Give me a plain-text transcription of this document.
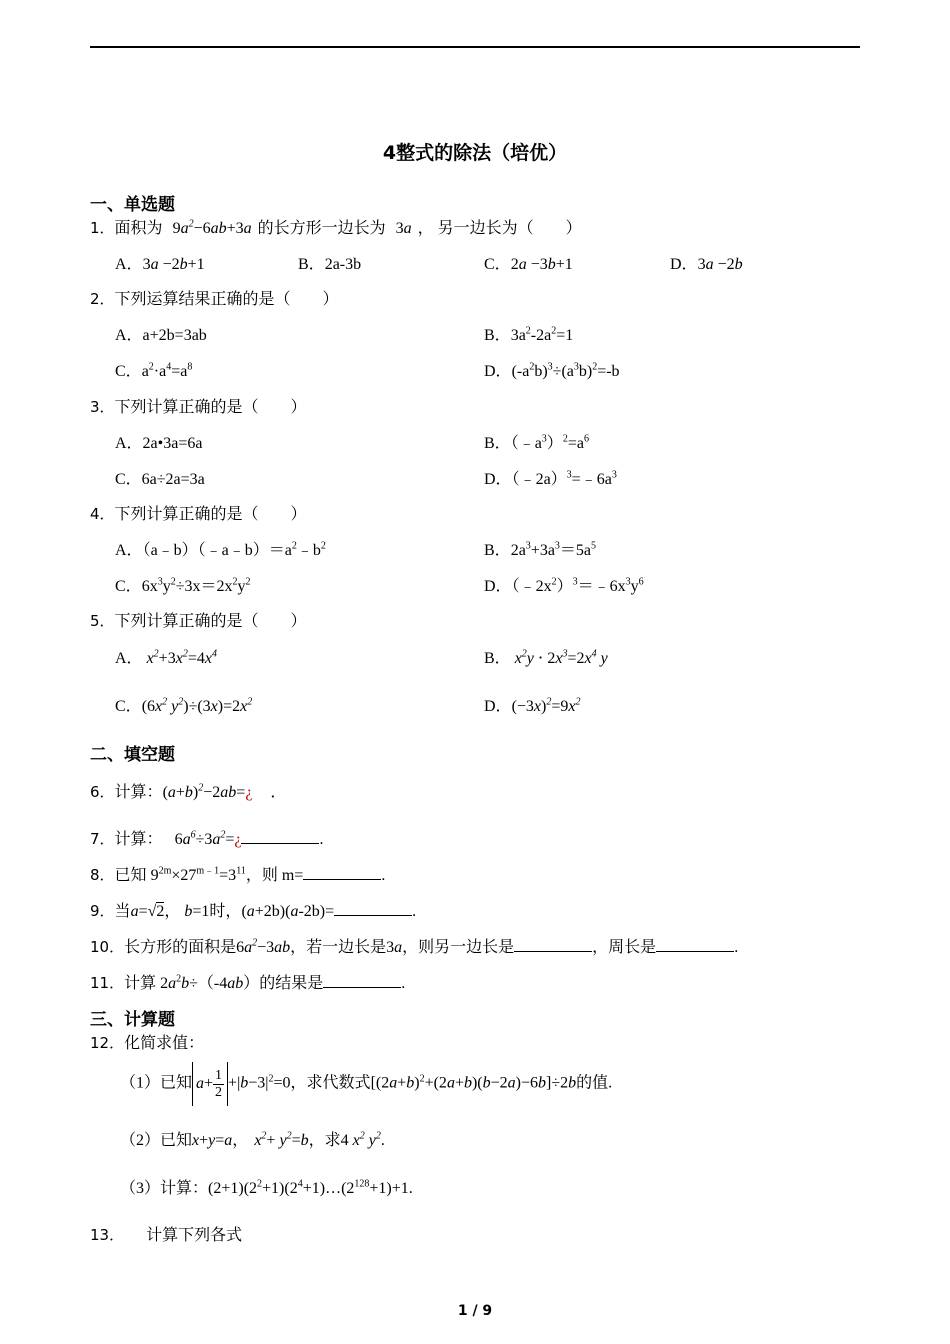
4整式的除法（培优）
一、单选题
1．面积为 $9a^2-6ab+3a$ 的长方形一边长为 3a ， 另一边长为（　　）
A．3a −2b+1	B．2a-3b	C．2a −3b+1	D．3a −2b
2．下列运算结果正确的是（　　）
A．a+2b=3ab	B．$3a^2-2a^2=1$
C．$a^2\cdot a^4=a^8$	D．$(-a^2b)^3\div(a^3b)^2=-b$
3．下列计算正确的是（　　）
A．2a•3a=6a	B．$(﹣a^3)^2=a^6$
C．6a÷2a=3a	D．$(﹣2a)^3=﹣6a^3$
4．下列计算正确的是（　　）
A．$(a﹣b)(﹣a﹣b)=a^2﹣b^2$	B．$2a^3+3a^3=5a^5$
C．$6x^3y^2\div 3x=2x^2y^2$	D．$(﹣2x^2)^3=﹣6x^3y^6$
5．下列计算正确的是（　　）
A． $x^2+3x^2=4x^4$	B． $x^2y \cdot 2x^3=2x^4$ y
C．($6x^2$ $y^2)\div(3x)=2x^2$	D．$(-3x)^2=9x^2$
二、填空题
6．计算：$(a+b)^2-2ab=¿$ ．
7．计算： $6a^6\div 3a^2=¿$	.
8．已知 $9^{2m}\times 27^{m﹣1}=3^{11}$，则 m=	.
9．当a=√2， b=1时，(a+2b)(a-2b)=	.
10．长方形的面积是$6a^2-3ab$，若一边长是3a，则另一边长是	，周长是	.
11．计算 $2a^2b\div(-4ab)$的结果是	.
三、计算题
12．化简求值：
（1）已知 $a+ \frac{1}{2} +|b-3|^2=0$，求代数式$[(2a+b)^2+(2a+b)(b-2a)-6b]\div 2b$的值.
（2）已知x+y=a， $x^2+ y^2=b$，求4 $x^2$ $y^2$.
（3）计算：$(2+1)(2^2+1)(2^4+1)\dots(2^{128}+1)+1$.
13． 计算下列各式
1 / 9
